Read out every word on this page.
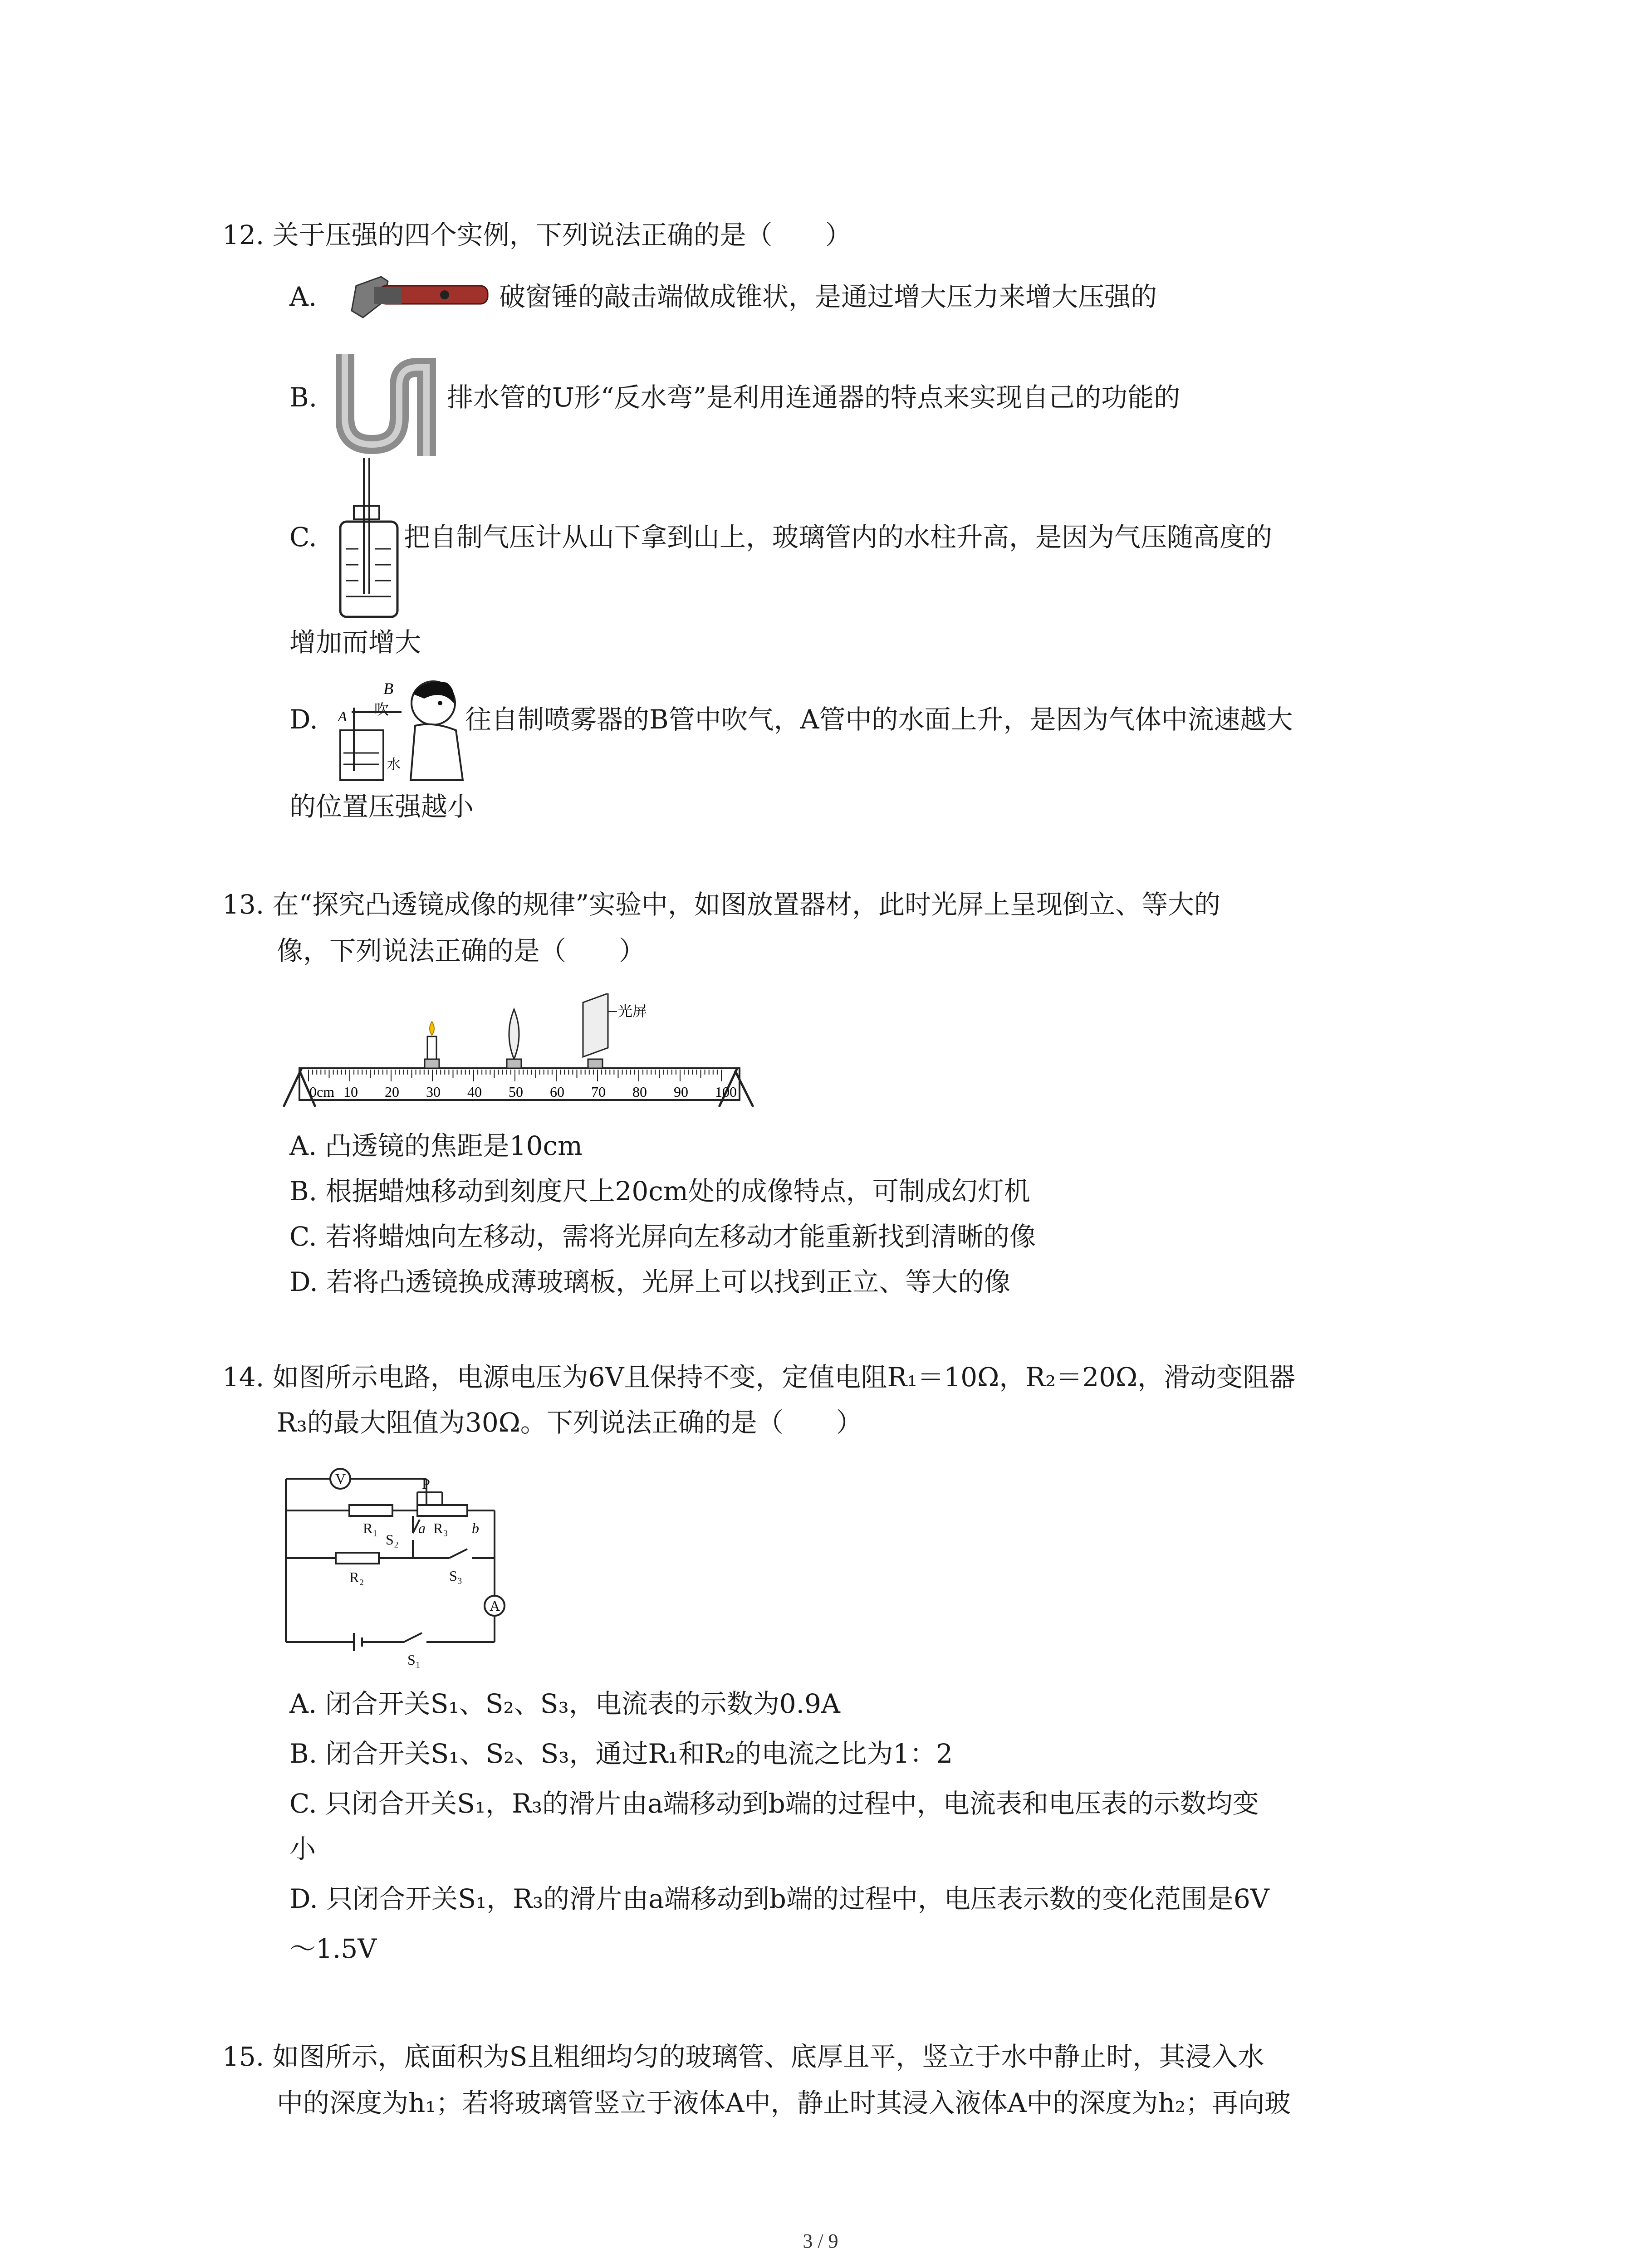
12. 关于压强的四个实例，下列说法正确的是（　　）
A.	破窗锤的敲击端做成锥状，是通过增大压力来增大压强的
B.	排水管的U形“反水弯”是利用连通器的特点来实现自己的功能的
C.	把自制气压计从山下拿到山上，玻璃管内的水柱升高，是因为气压随高度的
增加而增大
D.
B
吹
A
水
往自制喷雾器的B管中吹气，A管中的水面上升，是因为气体中流速越大
的位置压强越小
13. 在“探究凸透镜成像的规律”实验中，如图放置器材，此时光屏上呈现倒立、等大的
像，下列说法正确的是（　　）
光屏
0cm 10 20 30 40 50 60 70 80 90 100
A. 凸透镜的焦距是10cm
B. 根据蜡烛移动到刻度尺上20cm处的成像特点，可制成幻灯机
C. 若将蜡烛向左移动，需将光屏向左移动才能重新找到清晰的像
D. 若将凸透镜换成薄玻璃板，光屏上可以找到正立、等大的像
14. 如图所示电路，电源电压为6V且保持不变，定值电阻R₁＝10Ω，R₂＝20Ω，滑动变阻器
R₃的最大阻值为30Ω。下列说法正确的是（　　）
V
A
P
R₁	R₃
a	b
S₂
R₂	S₃
S₁
A. 闭合开关S₁、S₂、S₃，电流表的示数为0.9A
B. 闭合开关S₁、S₂、S₃，通过R₁和R₂的电流之比为1：2
C. 只闭合开关S₁，R₃的滑片由a端移动到b端的过程中，电流表和电压表的示数均变
小
D. 只闭合开关S₁，R₃的滑片由a端移动到b端的过程中，电压表示数的变化范围是6V
～1.5V
15. 如图所示，底面积为S且粗细均匀的玻璃管、底厚且平，竖立于水中静止时，其浸入水
中的深度为h₁；若将玻璃管竖立于液体A中，静止时其浸入液体A中的深度为h₂；再向玻
3 / 9
